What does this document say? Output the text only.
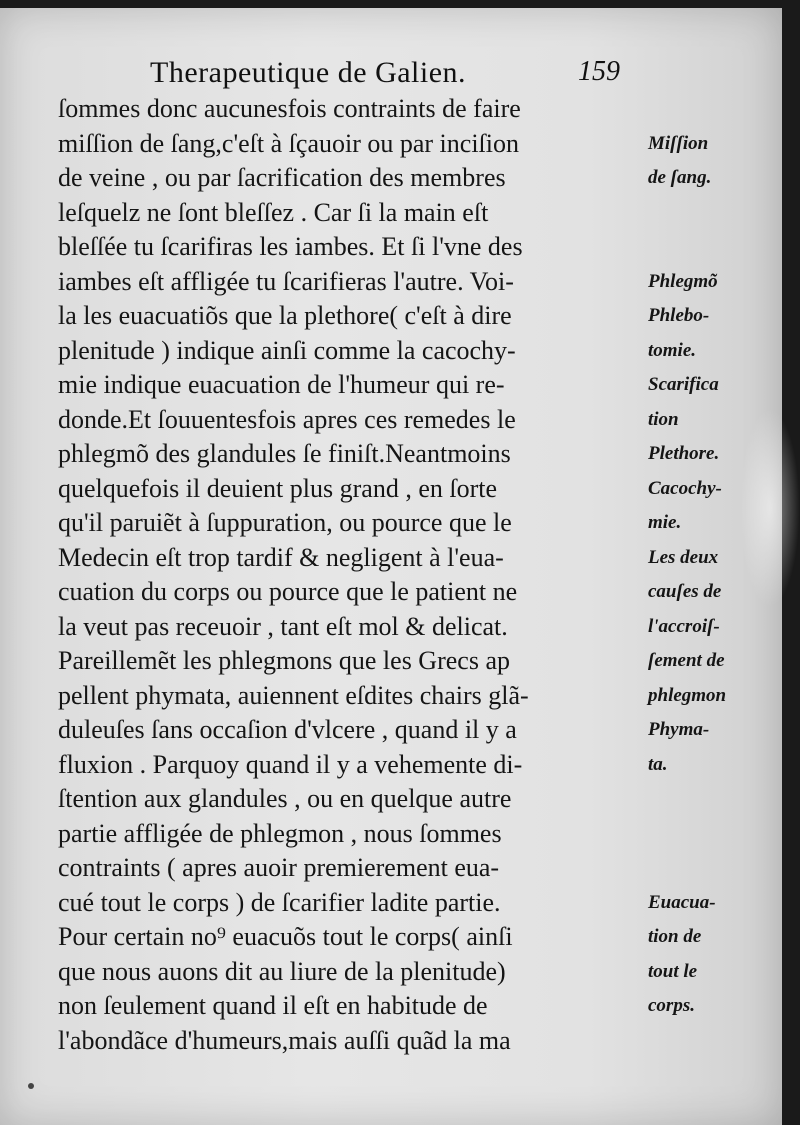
Therapeutique de Galien.	159
ſommes donc aucunesfois contraints de faire
miſſion de ſang,c'eſt à ſçauoir ou par inciſion
de veine , ou par ſacrification des membres
leſquelz ne ſont bleſſez . Car ſi la main eſt
bleſſée tu ſcarifiras les iambes. Et ſi l'vne des
iambes eſt affligée tu ſcarifieras l'autre. Voi-
la les euacuatiõs que la plethore( c'eſt à dire
plenitude ) indique ainſi comme la cacochy-
mie indique euacuation de l'humeur qui re-
donde.Et ſouuentesfois apres ces remedes le
phlegmõ des glandules ſe finiſt.Neantmoins
quelquefois il deuient plus grand , en ſorte
qu'il paruiẽt à ſuppuration, ou pource que le
Medecin eſt trop tardif & negligent à l'eua-
cuation du corps ou pource que le patient ne
la veut pas receuoir , tant eſt mol & delicat.
Pareillemẽt les phlegmons que les Grecs ap
pellent phymata, auiennent eſdites chairs glã-
duleuſes ſans occaſion d'vlcere , quand il y a
fluxion . Parquoy quand il y a vehemente di-
ſtention aux glandules , ou en quelque autre
partie affligée de phlegmon , nous ſommes
contraints ( apres auoir premierement eua-
cué tout le corps ) de ſcarifier ladite partie.
Pour certain no⁹ euacuõs tout le corps( ainſi
que nous auons dit au liure de la plenitude)
non ſeulement quand il eſt en habitude de
l'abondãce d'humeurs,mais auſſi quãd la ma
Miſſion
de ſang.
Phlegmõ
Phlebo-
tomie.
Scarifica
tion
Plethore.
Cacochy-
mie.
Les deux
cauſes de
l'accroiſ-
ſement de
phlegmon
Phyma-
ta.
Euacua-
tion de
tout le
corps.
